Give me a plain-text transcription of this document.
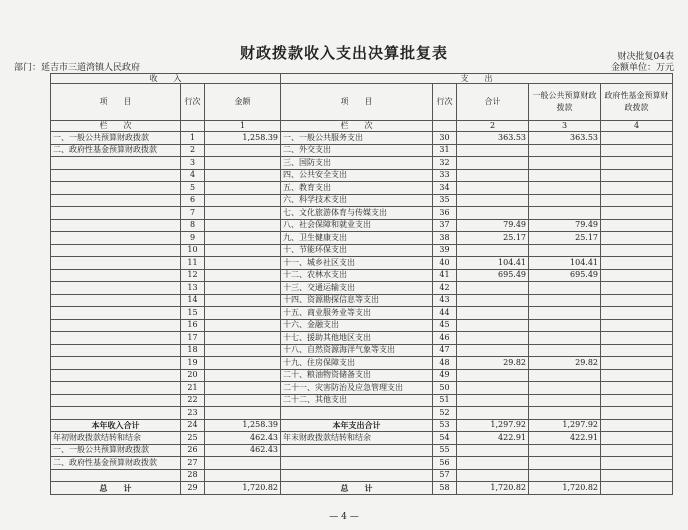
财政拨款收入支出决算批复表	财决批复04表
部门：延吉市三道湾镇人民政府	金额单位：万元
收　　入			支　　出				
项　　目	行次	金额	项　　目	行次	合计	一般公共预算财政拨款	政府性基金预算财政拨款
栏　　次		1	栏　　次		2	3	4
一、一般公共预算财政拨款	1	1,258.39	一、一般公共服务支出	30	363.53	363.53	
二、政府性基金预算财政拨款	2		二、外交支出	31			
	3		三、国防支出	32			
	4		四、公共安全支出	33			
	5		五、教育支出	34			
	6		六、科学技术支出	35			
	7		七、文化旅游体育与传媒支出	36			
	8		八、社会保障和就业支出	37	79.49	79.49	
	9		九、卫生健康支出	38	25.17	25.17	
	10		十、节能环保支出	39			
	11		十一、城乡社区支出	40	104.41	104.41	
	12		十二、农林水支出	41	695.49	695.49	
	13		十三、交通运输支出	42			
	14		十四、资源勘探信息等支出	43			
	15		十五、商业服务业等支出	44			
	16		十六、金融支出	45			
	17		十七、援助其他地区支出	46			
	18		十八、自然资源海洋气象等支出	47			
	19		十九、住房保障支出	48	29.82	29.82	
	20		二十、粮油物资储备支出	49			
	21		二十一、灾害防治及应急管理支出	50			
	22		二十二、其他支出	51			
	23			52			
本年收入合计	24	1,258.39	本年支出合计	53	1,297.92	1,297.92	
年初财政拨款结转和结余	25	462.43	年末财政拨款结转和结余	54	422.91	422.91	
一、一般公共预算财政拨款	26	462.43		55			
二、政府性基金预算财政拨款	27			56			
	28			57			
总　　计	29	1,720.82	总　　计	58	1,720.82	1,720.82	
— 4 —
